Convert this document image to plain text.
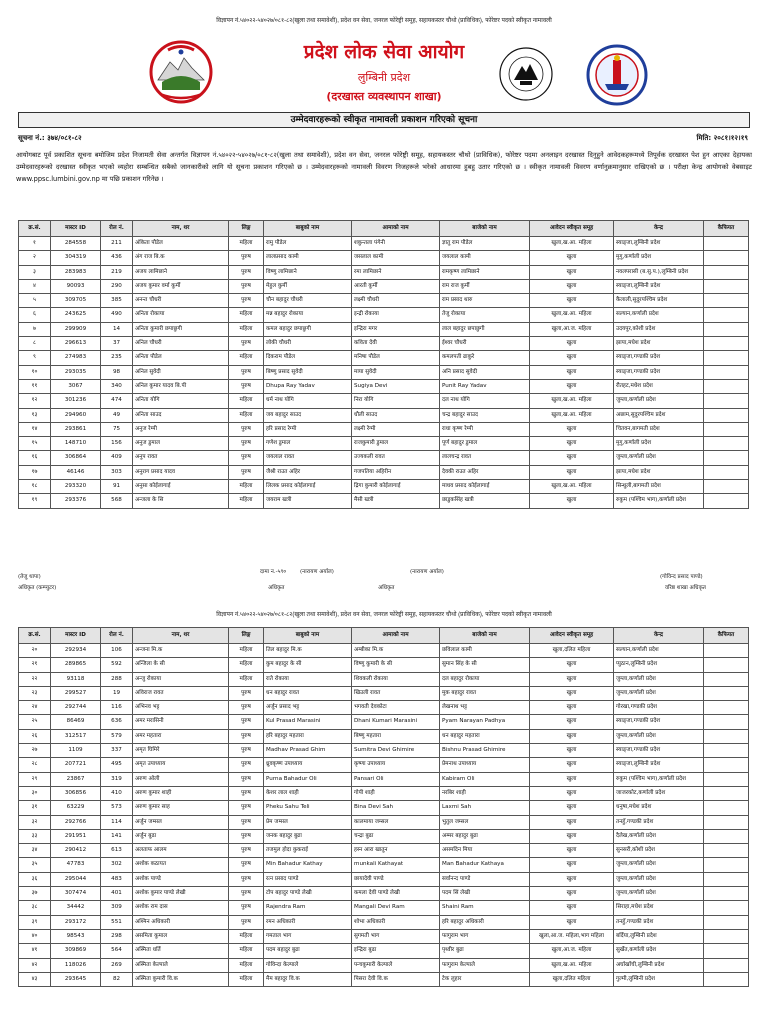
विज्ञापन नं.५४०२२-५४०२७/०८१-८२(खुला तथा समावेशी), प्रदेश वन सेवा, जनरल फोरेष्ट्री समूह, सहायकस्तर चौथो (प्राविधिक), फोरेष्टर पदको स्वीकृत नामावली
प्रदेश लोक सेवा आयोग
लुम्बिनी प्रदेश
(दरखास्त व्यवस्थापन शाखा)
उम्मेदवारहरूको स्वीकृत नामावली प्रकाशन गरिएको सूचना
सूचना नं.: ३७४/०८१-८२	मिति: २०८१।१२।१९
आयोगबाट पूर्व प्रकाशित सूचना बमोजिम प्रदेश निजामती सेवा अन्तर्गत विज्ञापन नं.५४०२२-५४०२७/०८१-८२(खुला तथा समावेशी), प्रदेश वन सेवा, जनरल फोरेष्ट्री समूह, सहायकस्तर चौथो (प्राविधिक), फोरेष्टर पदमा अनलाइन दरखास्त दिनुहुने आवेदकहरूमध्ये तिपूर्वक दरखास्त पेश हुन आएका देहायका उम्मेदवारहरूको दरखास्त स्वीकृत भएको व्यहोरा सम्बन्धित सबैको जानकारीको लागि यो सूचना प्रकाशन गरिएको छ । उम्मेदवारहरूको नामावली विवरण निजहरूले भरेको आधारमा हुबहु उतार गरिएको छ । स्वीकृत नामावली विवरण वर्णानुक्रमानुसार राखिएको छ । परीक्षा केन्द्र आयोगको वेबसाइट www.ppsc.lumbini.gov.np मा पछि प्रकाशन गरिनेछ ।
क्र.सं.	मास्टर ID	रोल नं.	नाम, थर	लिङ्ग	बाबुको नाम	आमाको नाम	बाजेको नाम	आवेदन स्वीकृत समूह	केन्द्र	कैफियत
१	284558	211	अंकिता पौडेल	महिला	रामु पौडेल	शकुन्तला पंगेनी	ज्ञातु राम पौडेल	खुला,ख.आ. महिला	स्याङ्जा,लुम्बिनी प्रदेश	
२	304319	436	अंग राज बि.क	पुरुष	लालप्रसाद कामी	जसलाल कामी	जयलाल कामी	खुला	मुगु,कर्णाली प्रदेश	
३	283983	219	अजय लामिछाने	पुरुष	विष्णु लामिछाने	रमा लामिछाने	रामकृष्ण लामिछाने	खुला	नवलपरासी (ब.सु.प.),लुम्बिनी प्रदेश	
४	90093	290	अजय कुमार वर्मा कुर्मी	पुरुष	मेहुल कुर्मी	आरती कुर्मी	राम राज कुर्मी	खुला	स्याङ्जा,लुम्बिनी प्रदेश	
५	309705	385	अनन्त चौधरी	पुरुष	चौन बहादुर चौधरी	लक्ष्मी चौधरी	राम प्रसाद थारु	खुला	कैलाली,सुदुरपश्चिम प्रदेश	
६	243625	490	अनिता रोकाया	महिला	मन्न बहादुर रोकाया	इन्द्री रोकाया	तेजु रोकाया	खुला,ख.आ. महिला	सल्यान,कर्णाली प्रदेश	
७	299909	14	अनिता कुमारी छपाछुगी	महिला	कमल बहादुर छपाछुगी	इन्द्रिरा मगर	लाल बहादुर छपाछुगी	खुला,आ.ज. महिला	उदयपुर,कोशी प्रदेश	
८	296613	37	अनिल चौधरी	पुरुष	लोकी चौधरी	कविता देवी	ईश्वर चौधरी	खुला	झापा,मधेश प्रदेश	
९	274983	235	अनिता पौडेल	महिला	दिकराम पौडेल	मनिषा पौडेल	कमलपती ढाकुरे	खुला	स्याङ्जा,गण्डकी प्रदेश	
१०	293035	98	अनिल सुवेदी	पुरुष	बिष्णु प्रसाद सुवेदी	माया सुवेदी	अनि प्रसाद सुवेदी	खुला	स्याङ्जा,गण्डकी प्रदेश	
११	3067	340	अनिल कुमार यादव बि.पी	पुरुष	Dhupa Ray Yadav	Sugiya Devi	Punit Ray Yadav	खुला	रौतहट,मधेश प्रदेश	
१२	301236	474	अनिता योगि	महिला	धर्म नाथ योगि	निरा योगि	दल नाथ योगि	खुला,ख.आ. महिला	जुम्ला,कर्णाली प्रदेश	
१३	294960	49	अनिता साउद	महिला	जय बहादुर साउद	धौली साउद	चन्द्र बहादुर साउद	खुला,ख.आ. महिला	अछाम,सुदुरपश्चिम प्रदेश	
१४	293861	75	अनुज रेग्मी	पुरुष	हरि प्रसाद रेग्मी	लक्ष्मी रेग्मी	राधा कृष्ण रेग्मी	खुला	चितवन,बागमती प्रदेश	
१५	148710	156	अनुज डुमाल	पुरुष	गणेश डुमाल	राजकुमारी डुमाल	पूर्ण बहादुर डुमाल	खुला	मुगु,कर्णाली प्रदेश	
१६	306864	409	अनुप रावत	पुरुष	जयलाल रावत	उज्यकली रावत	लालचन्द्र रावत	खुला	जुम्ला,कर्णाली प्रदेश	
१७	46146	303	अनुराग प्रसाद यादव	पुरुष	जैश्री राउत अहिर	गजपतिया अहिरीन	देवकी राउत अहिर	खुला	झापा,मधेश प्रदेश	
१८	293320	91	अनुसा कोईलागाई	महिला	लिलक प्रसाद कोईलागाई	द्रिगा कुमारी कोईलागाई	माधव प्रसाद कोईलागाई	खुला,ख.आ. महिला	सिन्धुली,बागमती प्रदेश	
१९	293376	568	अन्जला के सि	महिला	जयराम खत्री	मैसी खत्री	छाडुकसिंह खत्री	खुला	रुकुम (पश्चिम भाग),कर्णाली प्रदेश	
(तेजु थापा)
अधिकृत (कम्प्युटर)
दामा न.-५९०
अधिकृत
(नारायण अर्याल)
अधिकृत
(नारायण अर्याल)
(गोविन्द प्रसाद पाण्डे)
वरिष्ठ शाखा अधिकृत
विज्ञापन नं.५४०२२-५४०२७/०८१-८२(खुला तथा समावेशी), प्रदेश वन सेवा, जनरल फोरेष्ट्री समूह, सहायकस्तर चौथो (प्राविधिक), फोरेष्टर पदको स्वीकृत नामावली
क्र.सं.	मास्टर ID	रोल नं.	नाम, थर	लिङ्ग	बाबुको नाम	आमाको नाम	बाजेको नाम	आवेदन स्वीकृत समूह	केन्द्र	कैफियत
२०	292934	106	अन्जना मि.क	महिला	तिल बहादुर मि.क	अम्बीका मि.क	छविलाल कामी	खुला,दलित महिला	सल्यान,कर्णाली प्रदेश	
२१	289865	592	अन्जिला के सी	महिला	कुम बहादुर के सी	विष्णु कुमारी के सी	सुमान सिंह के सी	खुला	प्युठान,लुम्बिनी प्रदेश	
२२	93118	288	अन्जु रोकाया	महिला	राते रोकाया	शिवकली रोकाया	दल बहादुर रोकाया	खुला	जुम्ला,कर्णाली प्रदेश	
२३	299527	19	अविराज रावत	पुरुष	धन बहादुर रावत	खिउली रावत	मुक बहादुर रावत	खुला	जुम्ला,कर्णाली प्रदेश	
२४	292744	116	अभिनव भट्ट	पुरुष	अर्जुन प्रसाद भट्ट	भगवती देवकोटा	लेखनाथ भट्ट	खुला	गोरखा,गण्डकी प्रदेश	
२५	86469	636	अमर मरासिनी	पुरुष	Kul Prasad Marasini	Dhani Kumari Marasini	Pyam Narayan Padhya	खुला	स्याङ्जा,गण्डकी प्रदेश	
२६	312517	579	अमर महतारा	पुरुष	हरि बहादुर महतारा	बिष्णु महतारा	धन बहादुर महतारा	खुला	जुम्ला,कर्णाली प्रदेश	
२७	1109	337	अमृत घिमिरे	पुरुष	Madhav Prasad Ghim	Sumitra Devi Ghimire	Bishnu Prasad Ghimire	खुला	स्याङ्जा,गण्डकी प्रदेश	
२८	207721	495	अमृत उपाध्याय	पुरुष	ध्रुवकृष्ण उपाध्याय	कृष्णा उपाध्याय	प्रेमनाथ उपाध्याय	खुला	स्याङ्जा,लुम्बिनी प्रदेश	
२९	23867	319	अरुण ओली	पुरुष	Purna Bahadur Oli	Pansari Oli	Kabiram Oli	खुला	रुकुम (पश्चिम भाग),कर्णाली प्रदेश	
३०	306856	410	अरुण कुमार शाही	पुरुष	केशर लाल शाही	गोपी शाही	नरबिर शाही	खुला	जाजरकोट,कर्णाली प्रदेश	
३१	63229	573	अरुण कुमार साह	पुरुष	Pheku Sahu Teli	Bina Devi Sah	Laxmi Sah	खुला	धनुषा,मधेश प्रदेश	
३२	292766	114	अर्जुन जम्सल	पुरुष	प्रेम जम्सल	कालमाया जम्सल	भुतुल जम्सल	खुला	तनहुँ,गण्डकी प्रदेश	
३३	291951	141	अर्जुन बुढा	पुरुष	जनक बहादुर बुढा	चन्द्रा बुढा	अम्मर बहादुर बुढा	खुला	दैलेख,कर्णाली प्रदेश	
३४	290412	613	अलताफ आलम	पुरुष	तजमुल होदा कुकराई	हस्न आरा खातुन	असमदिन मिया	खुला	सुनसरी,कोशी प्रदेश	
३५	47783	302	अशोक कठायत	पुरुष	Min Bahadur Kathay	munkali Kathayat	Man Bahadur Kathaya	खुला	जुम्ला,कर्णाली प्रदेश	
३६	295044	483	अशोक पाण्डे	पुरुष	रत्न प्रसाद पाण्डे	छायादेवी पाण्डे	सर्वानन्द पाण्डे	खुला	जुम्ला,कर्णाली प्रदेश	
३७	307474	401	अशोक कुमार पाण्डे लेखी	पुरुष	टोप बहादुर पाण्डे लेखी	कमला देवी पाण्डे लेखी	पदम सिं लेखी	खुला	जुम्ला,कर्णाली प्रदेश	
३८	34442	309	अशोक राम दास	पुरुष	Rajendra Ram	Mangali Devi Ram	Shaini Ram	खुला	सिराहा,मधेश प्रदेश	
३९	293172	551	अश्मिन अधिकारी	पुरुष	रमन अधिकारी	शोभा अधिकारी	हरि बहादुर अधिकारी	खुला	तनहुँ,गण्डकी प्रदेश	
४०	98543	298	असमिता कुमाल	महिला	गमताल भाग	सुगमती भाग	फागुराम भाग	खुला,आ.ज. महिला,भाग महिला	बर्दिया,लुम्बिनी प्रदेश	
४१	309869	564	अस्मिता धर्ति	महिला	पदम बहादुर बुढा	इन्द्रिरा बुढा	पृथ्वीर बुढा	खुला,आ.ज. महिला	सुर्खेत,कर्णाली प्रदेश	
४२	118026	269	अस्मिता केल्पाले	महिला	गोविन्दा केल्पाले	पन्चकुमारी केल्पाले	फागुराम केल्पाले	खुला,ख.आ. महिला	अर्घाखाँची,लुम्बिनी प्रदेश	
४३	293645	82	अस्मिता कुमारी वि.क	महिला	मैम बहादुर वि.क	पिसरा देवी वि.क	टेक लुहार	खुला,दलित महिला	गुल्मी,लुम्बिनी प्रदेश	
